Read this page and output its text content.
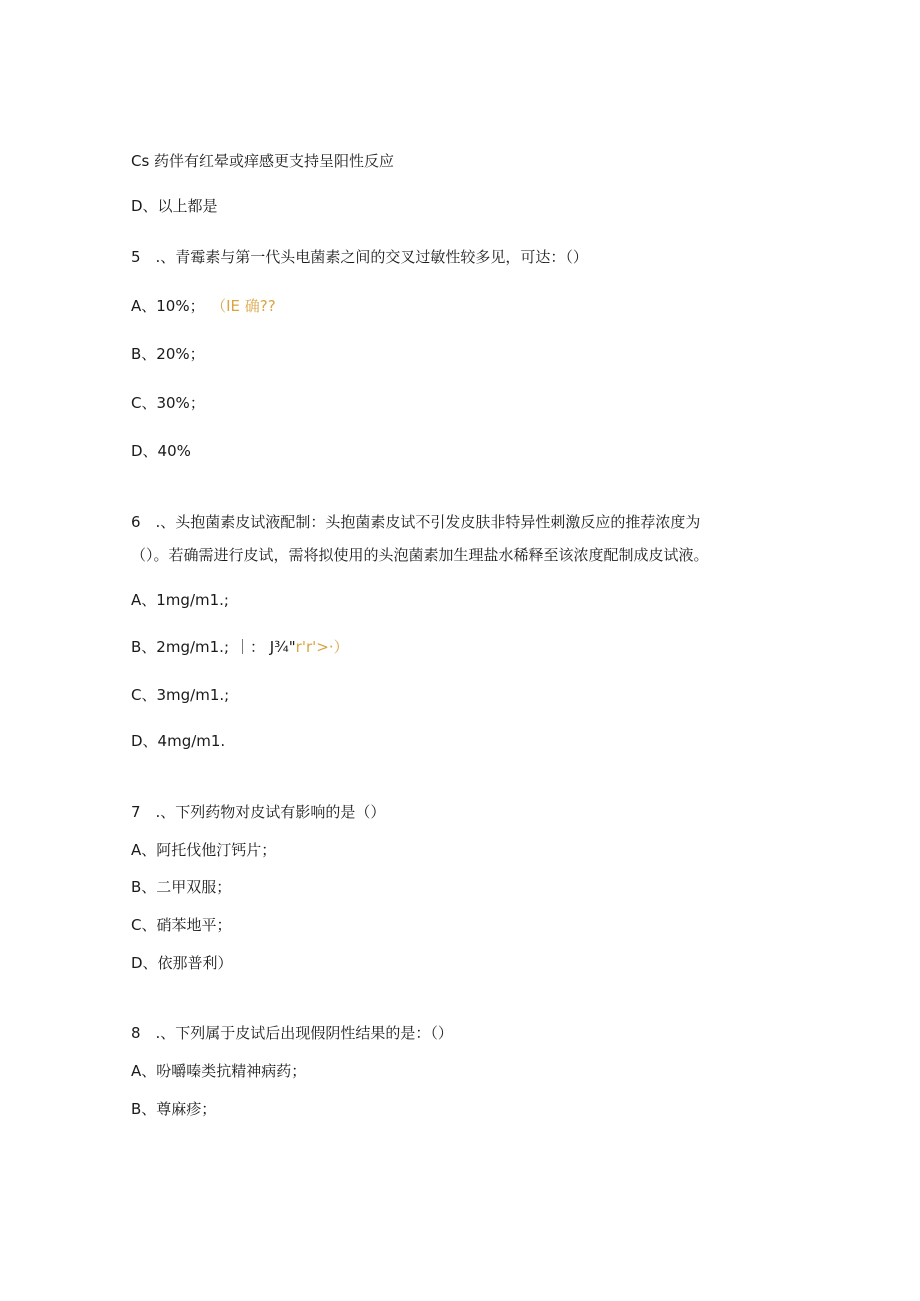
Cs 药伴有红晕或痒感更支持呈阳性反应
D、以上都是
5　.、青霉素与第一代头电菌素之间的交叉过敏性较多见，可达：（）
A、10%； （IE 确??
B、20%；
C、30%；
D、40%
6　.、头抱菌素皮试液配制：头抱菌素皮试不引发皮肤非特异性刺激反应的推荐浓度为
（）。若确需进行皮试，需将拟使用的头泡菌素加生理盐水稀释至该浓度配制成皮试液。
A、1mg/m1.;
B、2mg∕m1.; ｜： J¾"r'r'>·）
C、3mg∕m1.;
D、4mg∕m1.
7　.、下列药物对皮试有影响的是（）
A、阿托伐他汀钙片；
B、二甲双服；
C、硝苯地平；
D、依那普利）
8　.、下列属于皮试后出现假阴性结果的是：（）
A、吩嚼嗪类抗精神病药；
B、尊麻疹；
